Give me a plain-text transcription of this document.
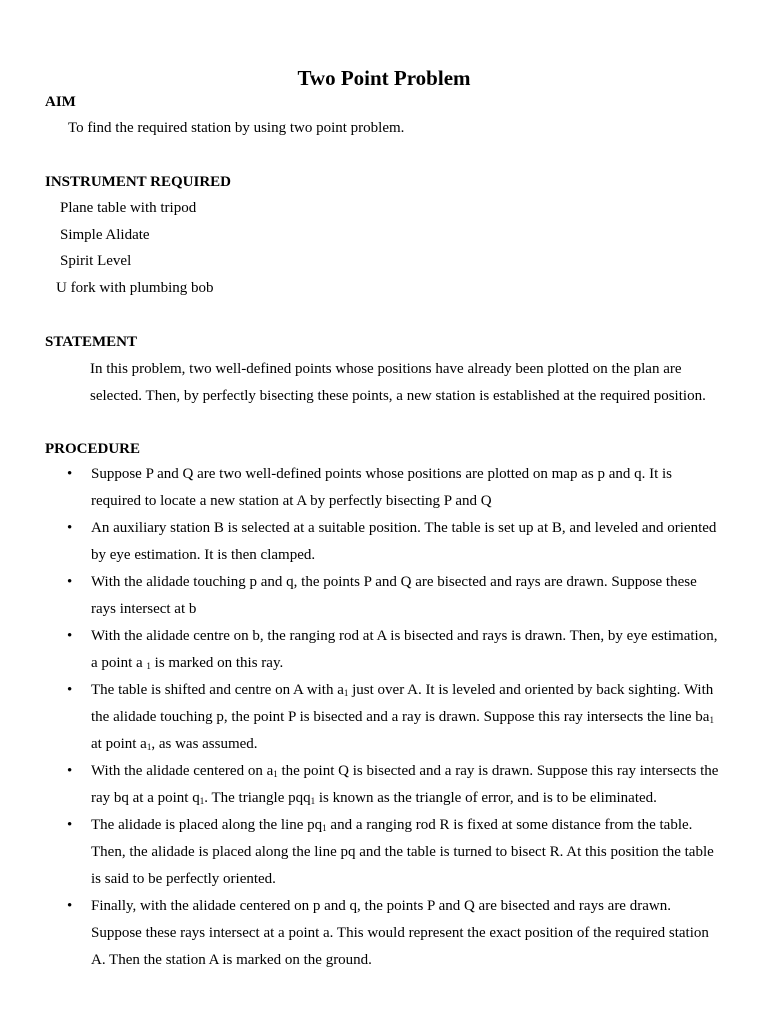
Two Point Problem
AIM
To find the required station by using two point problem.
INSTRUMENT REQUIRED
Plane table with tripod
Simple Alidate
Spirit Level
U fork with plumbing bob
STATEMENT
In this problem, two well-defined points whose positions have already been plotted on the plan are
selected. Then, by perfectly bisecting these points, a new station is established at the required position.
PROCEDURE
• Suppose P and Q are two well-defined points whose positions are plotted on map as p and q. It is
required to locate a new station at A by perfectly bisecting P and Q
• An auxiliary station B is selected at a suitable position. The table is set up at B, and leveled and oriented
by eye estimation. It is then clamped.
• With the alidade touching p and q, the points P and Q are bisected and rays are drawn. Suppose these
rays intersect at b
• With the alidade centre on b, the ranging rod at A is bisected and rays is drawn. Then, by eye estimation,
a point a $_1$ is marked on this ray.
• The table is shifted and centre on A with $a_1$ just over A. It is leveled and oriented by back sighting. With
the alidade touching p, the point P is bisected and a ray is drawn. Suppose this ray intersects the line $ba_1$
at point $a_1$, as was assumed.
• With the alidade centered on $a_1$ the point Q is bisected and a ray is drawn. Suppose this ray intersects the
ray bq at a point $q_1$. The triangle pqq$_1$ is known as the triangle of error, and is to be eliminated.
• The alidade is placed along the line $pq_1$ and a ranging rod R is fixed at some distance from the table.
Then, the alidade is placed along the line pq and the table is turned to bisect R. At this position the table
is said to be perfectly oriented.
• Finally, with the alidade centered on p and q, the points P and Q are bisected and rays are drawn.
Suppose these rays intersect at a point a. This would represent the exact position of the required station
A. Then the station A is marked on the ground.
